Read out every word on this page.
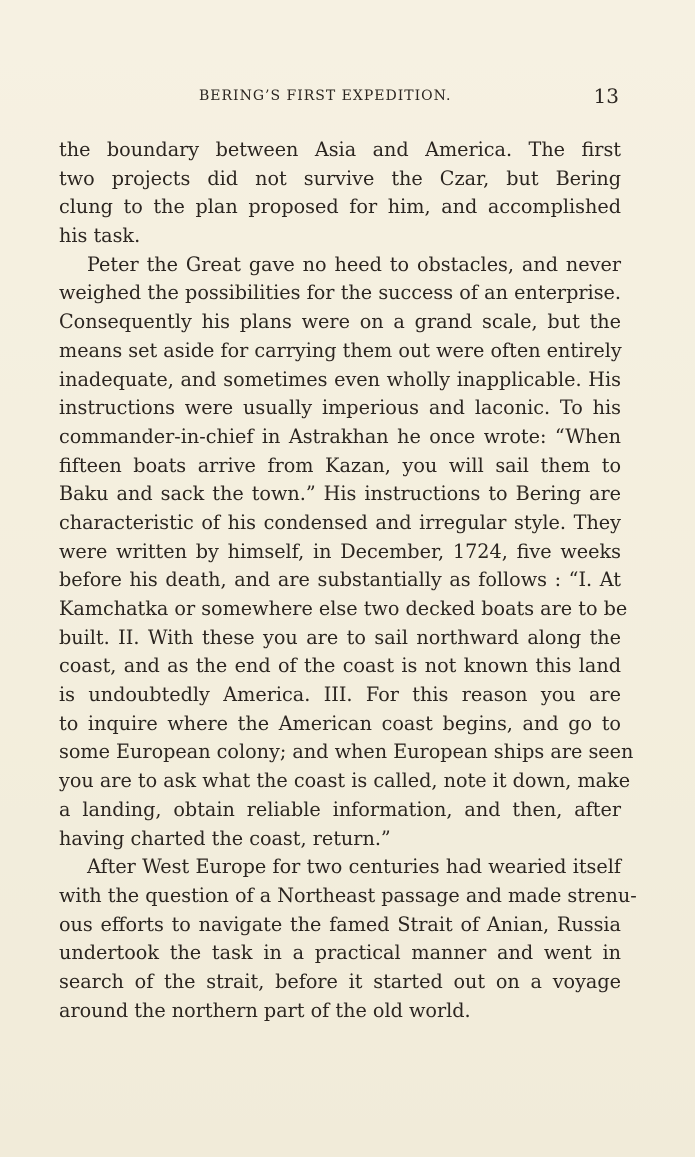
BERING’S FIRST EXPEDITION.	13
the boundary between Asia and America. The first
two projects did not survive the Czar, but Bering
clung to the plan proposed for him, and accomplished
his task.
Peter the Great gave no heed to obstacles, and never
weighed the possibilities for the success of an enterprise.
Consequently his plans were on a grand scale, but the
means set aside for carrying them out were often entirely
inadequate, and sometimes even wholly inapplicable. His
instructions were usually imperious and laconic. To his
commander-in-chief in Astrakhan he once wrote: “When
fifteen boats arrive from Kazan, you will sail them to
Baku and sack the town.” His instructions to Bering are
characteristic of his condensed and irregular style. They
were written by himself, in December, 1724, five weeks
before his death, and are substantially as follows : “I. At
Kamchatka or somewhere else two decked boats are to be
built. II. With these you are to sail northward along the
coast, and as the end of the coast is not known this land
is undoubtedly America. III. For this reason you are
to inquire where the American coast begins, and go to
some European colony; and when European ships are seen
you are to ask what the coast is called, note it down, make
a landing, obtain reliable information, and then, after
having charted the coast, return.”
After West Europe for two centuries had wearied itself
with the question of a Northeast passage and made strenu-
ous efforts to navigate the famed Strait of Anian, Russia
undertook the task in a practical manner and went in
search of the strait, before it started out on a voyage
around the northern part of the old world.
